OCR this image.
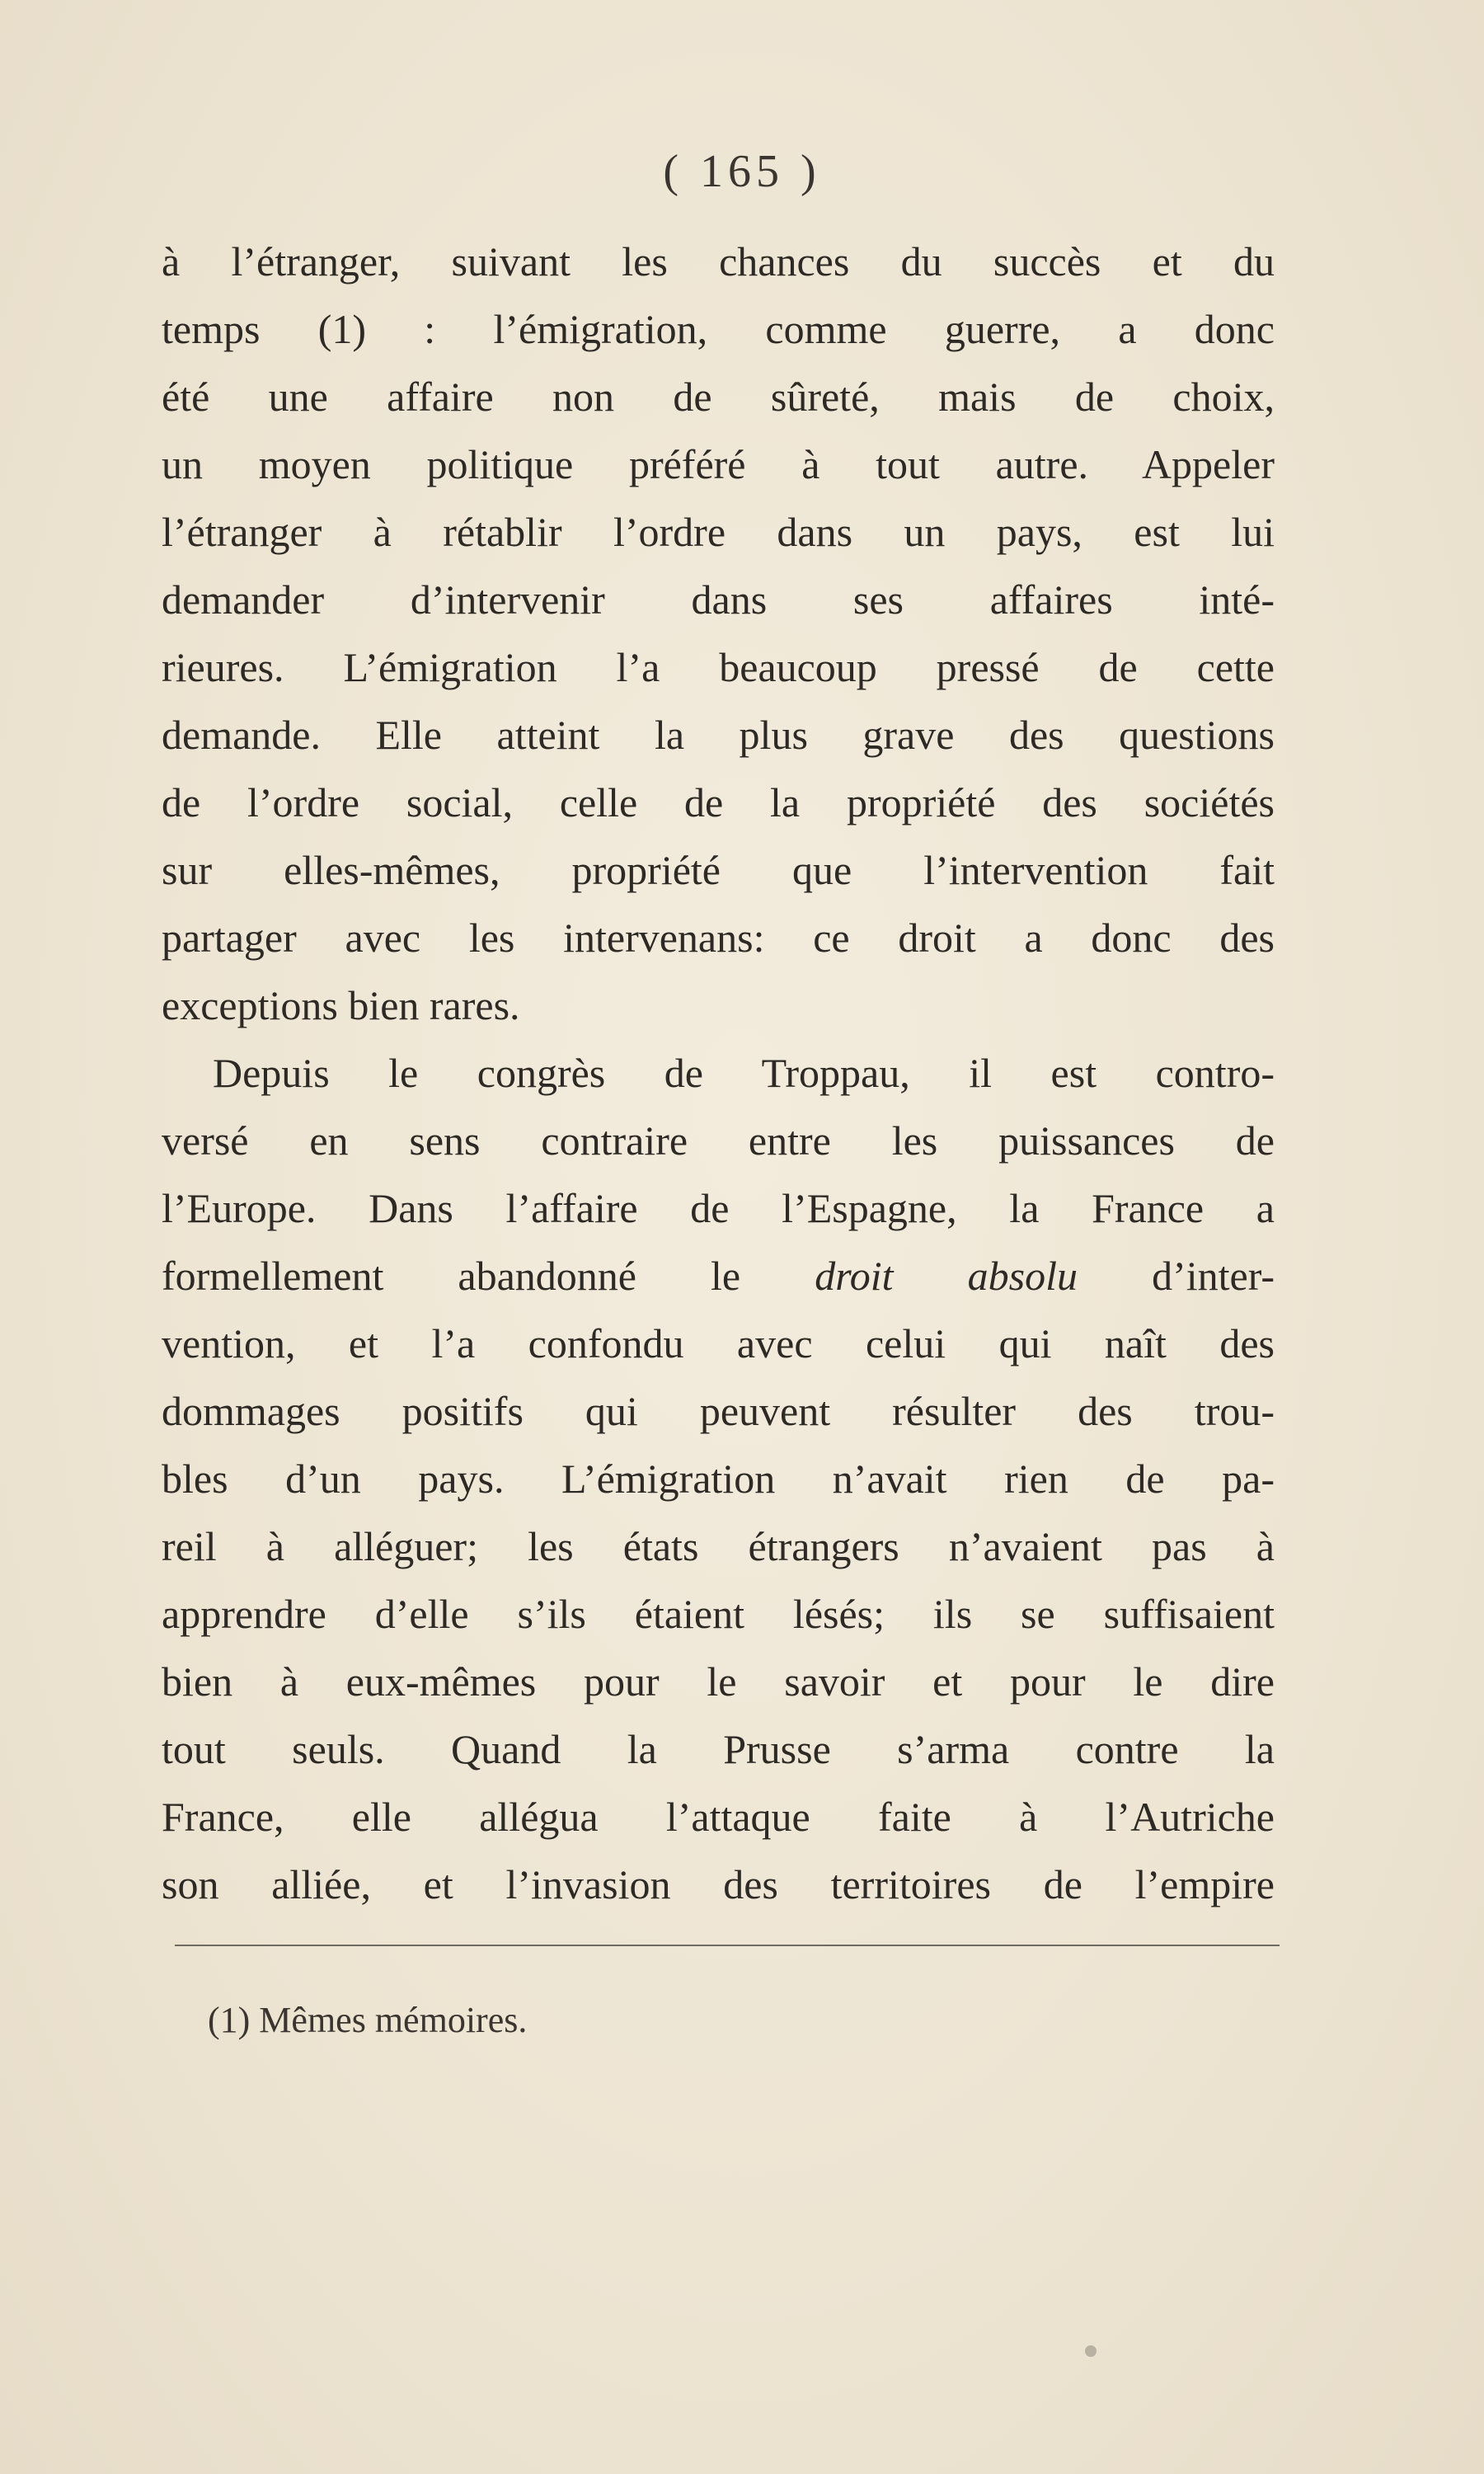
( 165 )
à l’étranger, suivant les chances du succès et du
temps (1) : l’émigration, comme guerre, a donc
été une affaire non de sûreté, mais de choix,
un moyen politique préféré à tout autre. Appeler
l’étranger à rétablir l’ordre dans un pays, est lui
demander d’intervenir dans ses affaires inté-
rieures. L’émigration l’a beaucoup pressé de cette
demande. Elle atteint la plus grave des questions
de l’ordre social, celle de la propriété des sociétés
sur elles-mêmes, propriété que l’intervention fait
partager avec les intervenans: ce droit a donc des
exceptions bien rares.
Depuis le congrès de Troppau, il est contro-
versé en sens contraire entre les puissances de
l’Europe. Dans l’affaire de l’Espagne, la France a
formellement abandonné le droit absolu d’inter-
vention, et l’a confondu avec celui qui naît des
dommages positifs qui peuvent résulter des trou-
bles d’un pays. L’émigration n’avait rien de pa-
reil à alléguer; les états étrangers n’avaient pas à
apprendre d’elle s’ils étaient lésés; ils se suffisaient
bien à eux-mêmes pour le savoir et pour le dire
tout seuls. Quand la Prusse s’arma contre la
France, elle allégua l’attaque faite à l’Autriche
son alliée, et l’invasion des territoires de l’empire
(1) Mêmes mémoires.
